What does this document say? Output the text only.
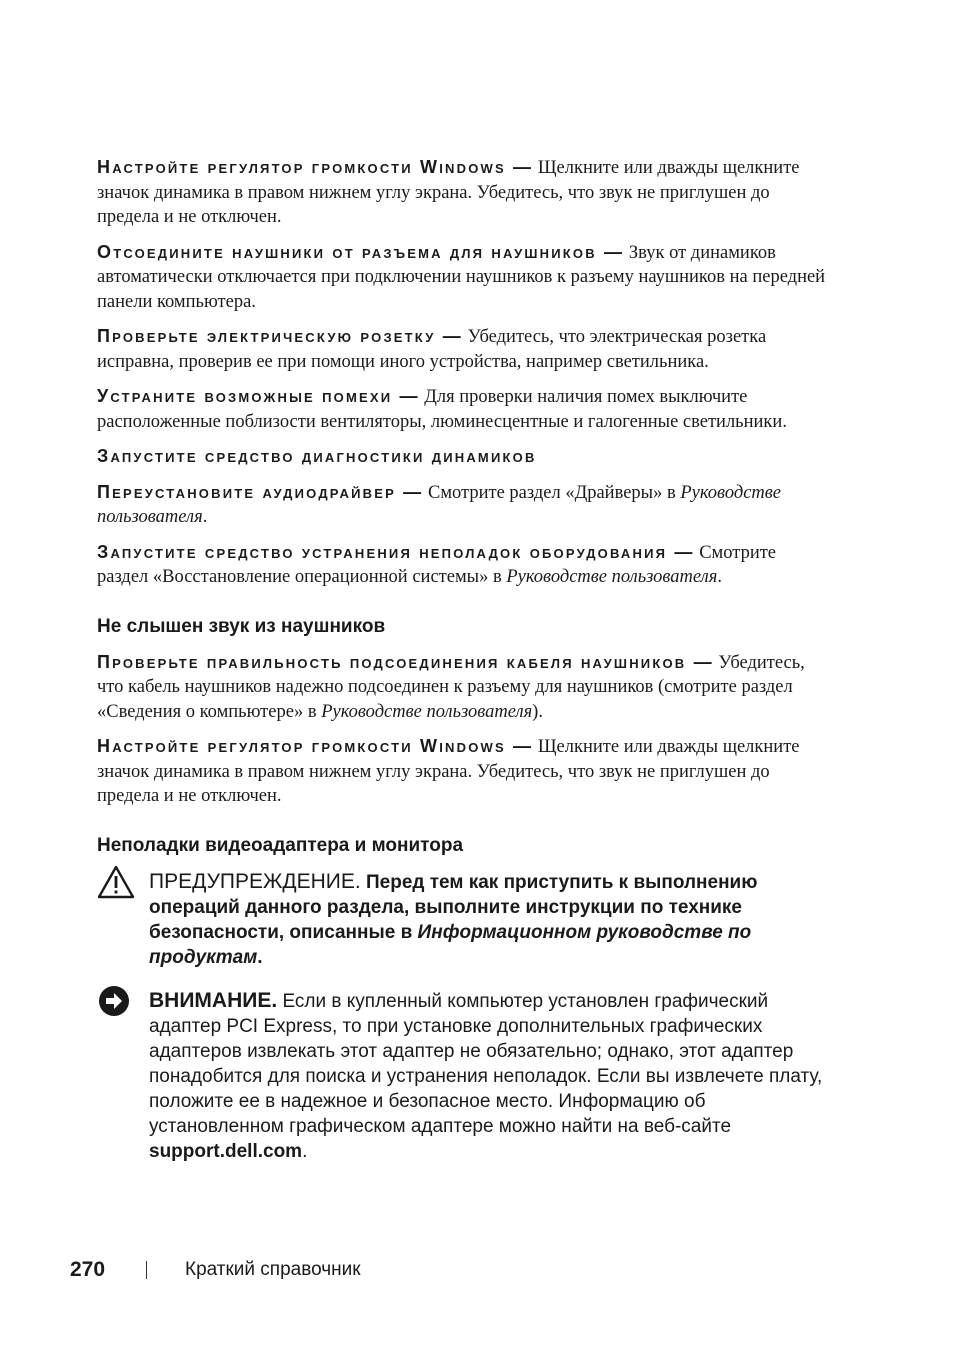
Настройте регулятор громкости Windows — Щелкните или дважды щелкните значок динамика в правом нижнем углу экрана. Убедитесь, что звук не приглушен до предела и не отключен.

Отсоедините наушники от разъема для наушников — Звук от динамиков автоматически отключается при подключении наушников к разъему наушников на передней панели компьютера.

Проверьте электрическую розетку — Убедитесь, что электрическая розетка исправна, проверив ее при помощи иного устройства, например светильника.

Устраните возможные помехи — Для проверки наличия помех выключите расположенные поблизости вентиляторы, люминесцентные и галогенные светильники.

Запустите средство диагностики динамиков

Переустановите аудиодрайвер — Смотрите раздел «Драйверы» в Руководстве пользователя.

Запустите средство устранения неполадок оборудования — Смотрите раздел «Восстановление операционной системы» в Руководстве пользователя.

Не слышен звук из наушников

Проверьте правильность подсоединения кабеля наушников — Убедитесь, что кабель наушников надежно подсоединен к разъему для наушников (смотрите раздел «Сведения о компьютере» в Руководстве пользователя).

Настройте регулятор громкости Windows — Щелкните или дважды щелкните значок динамика в правом нижнем углу экрана. Убедитесь, что звук не приглушен до предела и не отключен.

Неполадки видеоадаптера и монитора
ПРЕДУПРЕЖДЕНИЕ. Перед тем как приступить к выполнению операций данного раздела, выполните инструкции по технике безопасности, описанные в Информационном руководстве по продуктам.
ВНИМАНИЕ. Если в купленный компьютер установлен графический адаптер PCI Express, то при установке дополнительных графических адаптеров извлекать этот адаптер не обязательно; однако, этот адаптер понадобится для поиска и устранения неполадок. Если вы извлечете плату, положите ее в надежное и безопасное место. Информацию об установленном графическом адаптере можно найти на веб-сайте support.dell.com.
270	Краткий справочник
